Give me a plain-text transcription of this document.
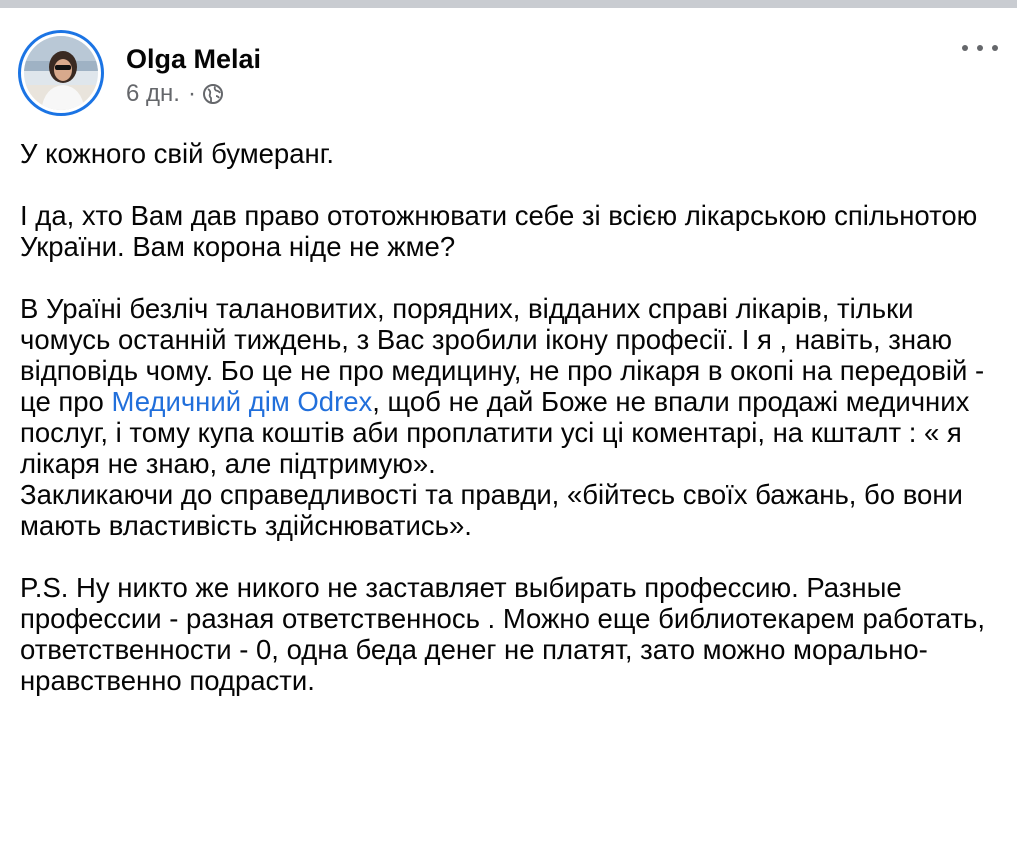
Olga Melai
6 дн. ·

У кожного свій бумеранг.

І да, хто Вам дав право ототожнювати себе зі всією лікарською спільнотою України. Вам корона ніде не жме?

В Ураїні безліч талановитих, порядних, відданих справі лікарів, тільки чомусь останній тиждень, з Вас зробили ікону професії. І я , навіть, знаю відповідь чому. Бо це не про медицину, не про лікаря в окопі на передовій - це про Медичний дім Odrex, щоб не дай Боже не впали продажі медичних послуг, і тому купа коштів аби проплатити усі ці коментарі, на кшталт : « я лікаря не знаю, але підтримую».

Закликаючи до справедливості та правди, «бійтесь своїх бажань, бо вони мають властивість здійснюватись».

P.S. Ну никто же никого не заставляет выбирать профессию. Разные профессии - разная ответственнось . Можно еще библиотекарем работать, ответственности - 0, одна беда денег не платят, зато можно морально- нравственно подрасти.
